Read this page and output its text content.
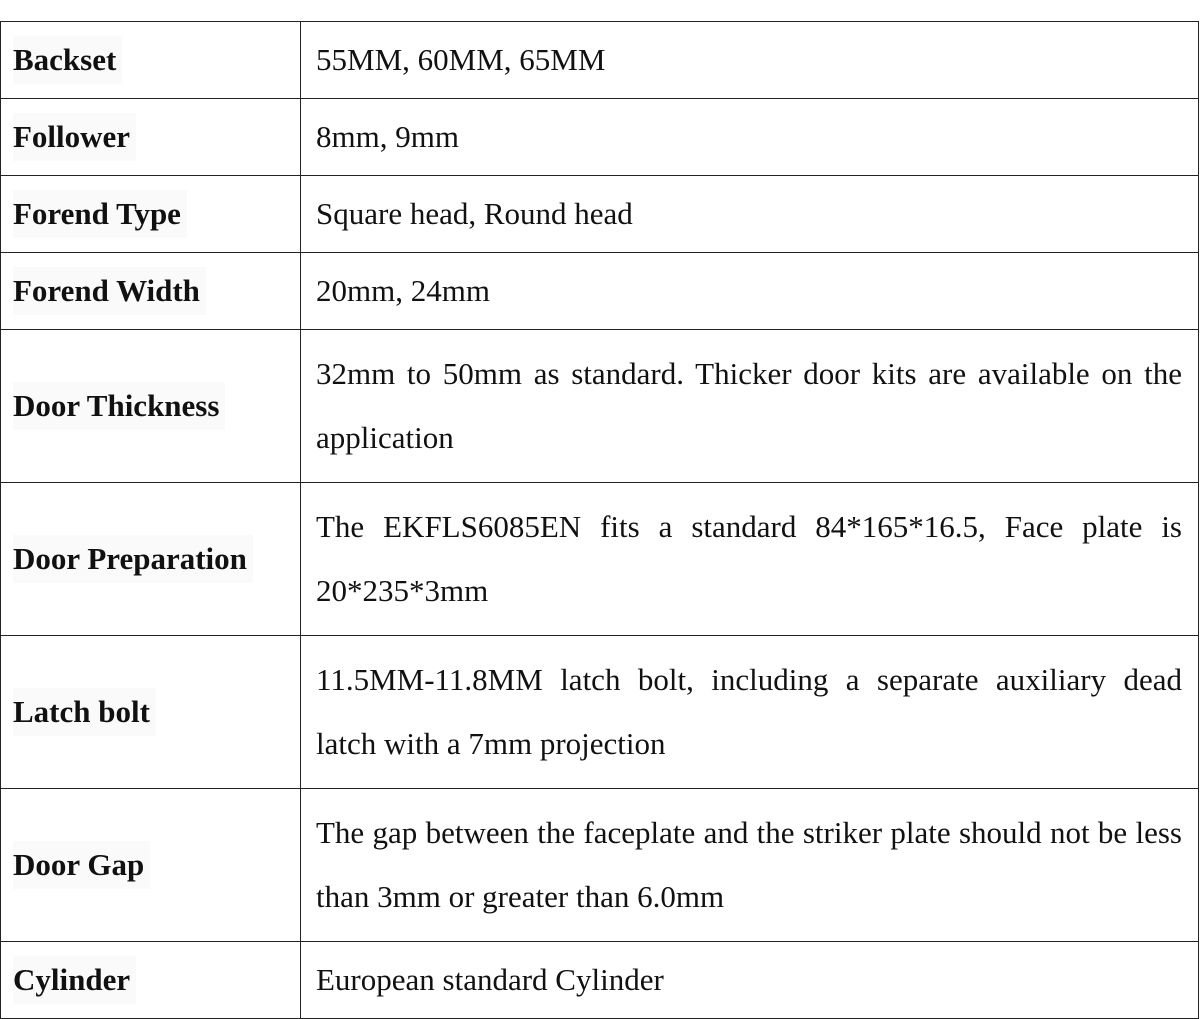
Backset	55MM, 60MM, 65MM
Follower	8mm, 9mm
Forend Type	Square head, Round head
Forend Width	20mm, 24mm
Door Thickness	32mm to 50mm as standard. Thicker door kits are available on the application
Door Preparation	The EKFLS6085EN fits a standard 84*165*16.5, Face plate is 20*235*3mm
Latch bolt	11.5MM-11.8MM latch bolt, including a separate auxiliary dead latch with a 7mm projection
Door Gap	The gap between the faceplate and the striker plate should not be less than 3mm or greater than 6.0mm
Cylinder	European standard Cylinder
